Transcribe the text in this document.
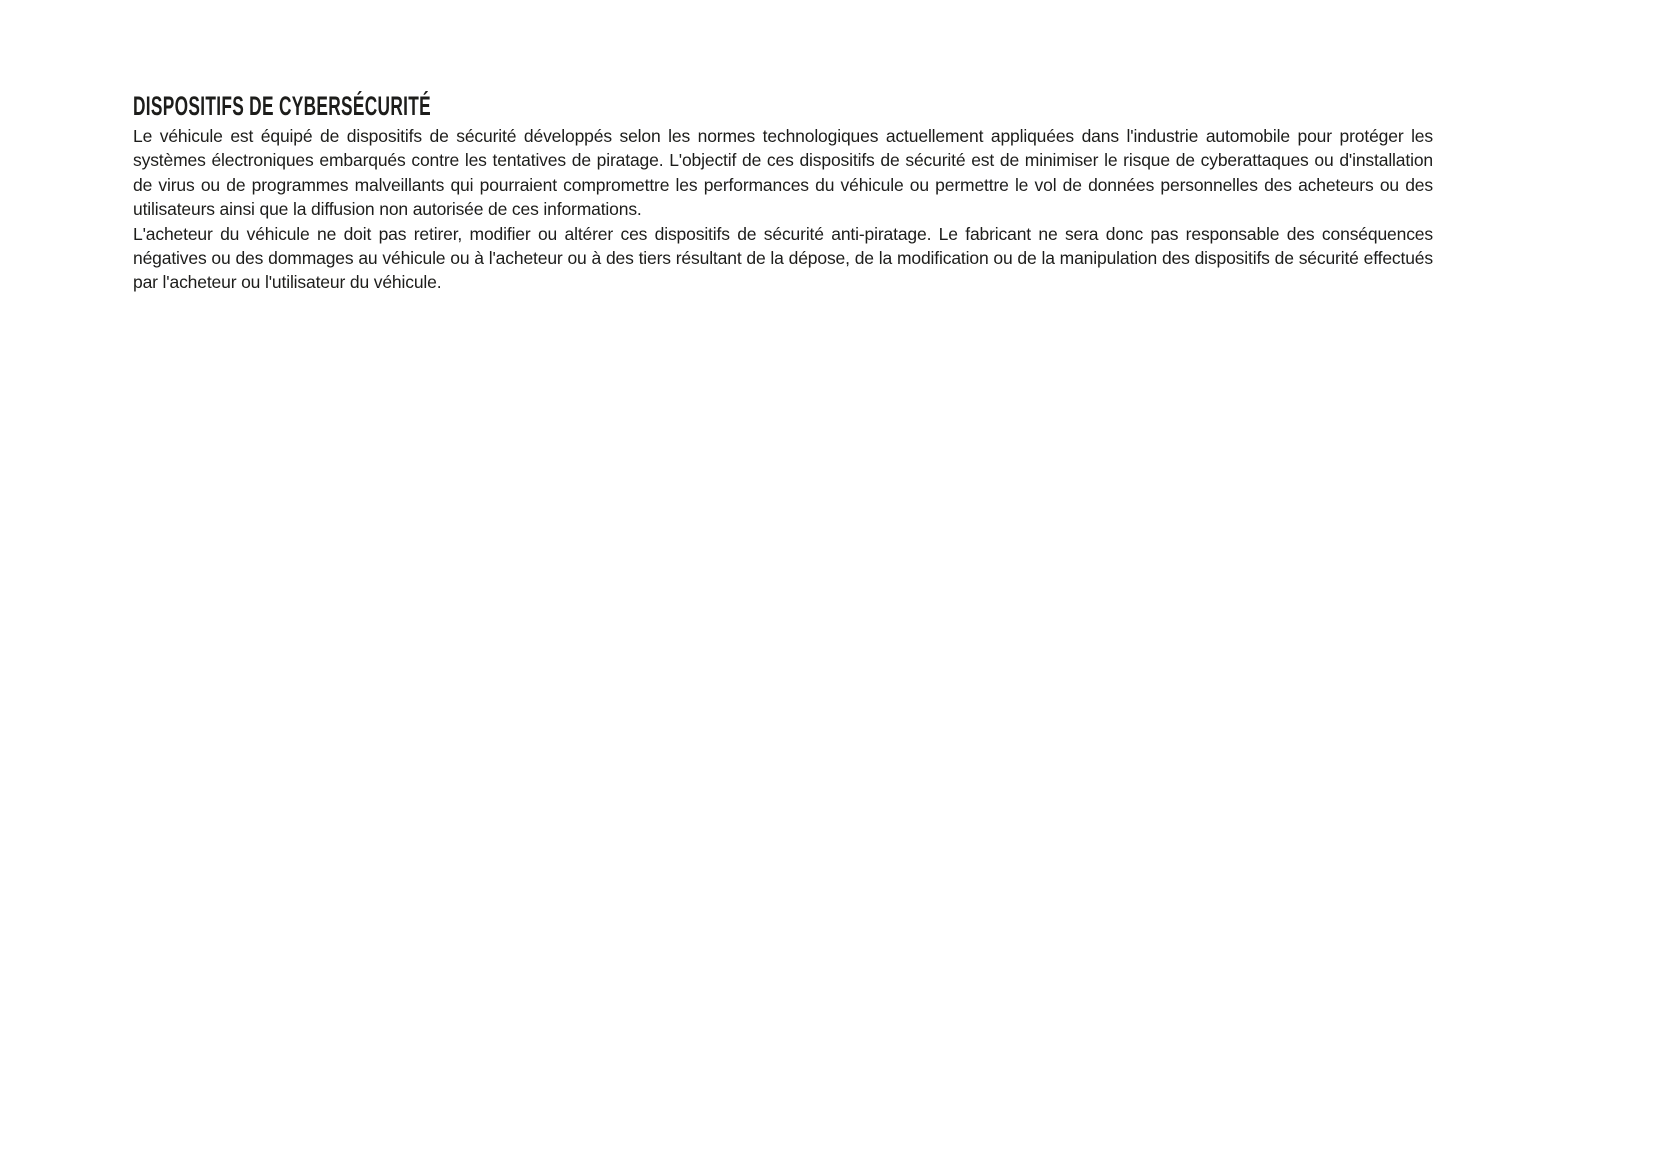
DISPOSITIFS DE CYBERSÉCURITÉ

Le véhicule est équipé de dispositifs de sécurité développés selon les normes technologiques actuellement appliquées dans l'industrie automobile pour protéger les systèmes électroniques embarqués contre les tentatives de piratage. L'objectif de ces dispositifs de sécurité est de minimiser le risque de cyberattaques ou d'installation de virus ou de programmes malveillants qui pourraient compromettre les performances du véhicule ou permettre le vol de données personnelles des acheteurs ou des utilisateurs ainsi que la diffusion non autorisée de ces informations.

L'acheteur du véhicule ne doit pas retirer, modifier ou altérer ces dispositifs de sécurité anti-piratage. Le fabricant ne sera donc pas responsable des conséquences négatives ou des dommages au véhicule ou à l'acheteur ou à des tiers résultant de la dépose, de la modification ou de la manipulation des dispositifs de sécurité effectués par l'acheteur ou l'utilisateur du véhicule.
